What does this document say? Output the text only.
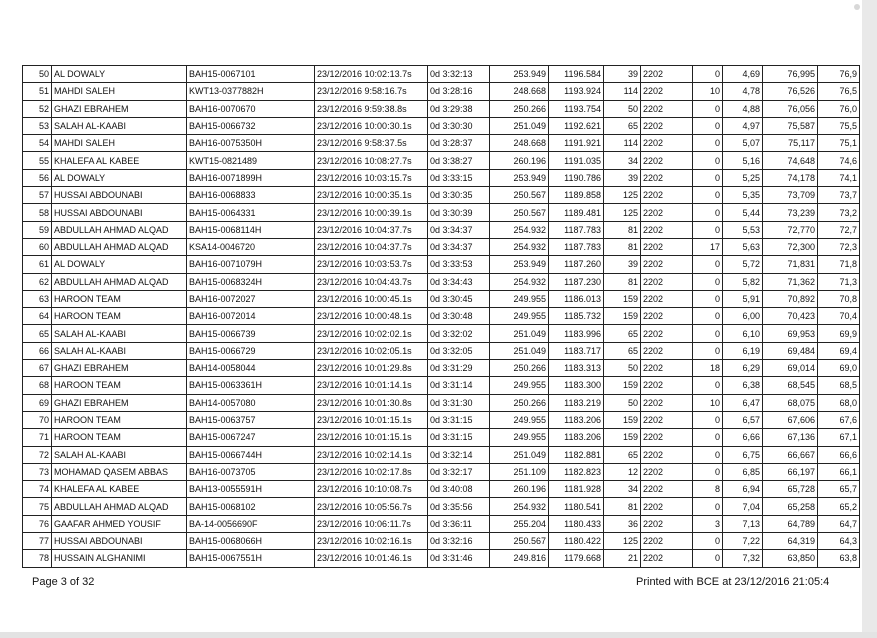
50	AL DOWALY	BAH15-0067101	23/12/2016 10:02:13.7s	0d 3:32:13	253.949	1196.584	39	2202	0	4,69	76,995	76,9
51	MAHDI SALEH	KWT13-0377882H	23/12/2016 9:58:16.7s	0d 3:28:16	248.668	1193.924	114	2202	10	4,78	76,526	76,5
52	GHAZI EBRAHEM	BAH16-0070670	23/12/2016 9:59:38.8s	0d 3:29:38	250.266	1193.754	50	2202	0	4,88	76,056	76,0
53	SALAH AL-KAABI	BAH15-0066732	23/12/2016 10:00:30.1s	0d 3:30:30	251.049	1192.621	65	2202	0	4,97	75,587	75,5
54	MAHDI SALEH	BAH16-0075350H	23/12/2016 9:58:37.5s	0d 3:28:37	248.668	1191.921	114	2202	0	5,07	75,117	75,1
55	KHALEFA AL KABEE	KWT15-0821489	23/12/2016 10:08:27.7s	0d 3:38:27	260.196	1191.035	34	2202	0	5,16	74,648	74,6
56	AL DOWALY	BAH16-0071899H	23/12/2016 10:03:15.7s	0d 3:33:15	253.949	1190.786	39	2202	0	5,25	74,178	74,1
57	HUSSAI ABDOUNABI	BAH16-0068833	23/12/2016 10:00:35.1s	0d 3:30:35	250.567	1189.858	125	2202	0	5,35	73,709	73,7
58	HUSSAI ABDOUNABI	BAH15-0064331	23/12/2016 10:00:39.1s	0d 3:30:39	250.567	1189.481	125	2202	0	5,44	73,239	73,2
59	ABDULLAH AHMAD ALQAD	BAH15-0068114H	23/12/2016 10:04:37.7s	0d 3:34:37	254.932	1187.783	81	2202	0	5,53	72,770	72,7
60	ABDULLAH AHMAD ALQAD	KSA14-0046720	23/12/2016 10:04:37.7s	0d 3:34:37	254.932	1187.783	81	2202	17	5,63	72,300	72,3
61	AL DOWALY	BAH16-0071079H	23/12/2016 10:03:53.7s	0d 3:33:53	253.949	1187.260	39	2202	0	5,72	71,831	71,8
62	ABDULLAH AHMAD ALQAD	BAH15-0068324H	23/12/2016 10:04:43.7s	0d 3:34:43	254.932	1187.230	81	2202	0	5,82	71,362	71,3
63	HAROON TEAM	BAH16-0072027	23/12/2016 10:00:45.1s	0d 3:30:45	249.955	1186.013	159	2202	0	5,91	70,892	70,8
64	HAROON TEAM	BAH16-0072014	23/12/2016 10:00:48.1s	0d 3:30:48	249.955	1185.732	159	2202	0	6,00	70,423	70,4
65	SALAH AL-KAABI	BAH15-0066739	23/12/2016 10:02:02.1s	0d 3:32:02	251.049	1183.996	65	2202	0	6,10	69,953	69,9
66	SALAH AL-KAABI	BAH15-0066729	23/12/2016 10:02:05.1s	0d 3:32:05	251.049	1183.717	65	2202	0	6,19	69,484	69,4
67	GHAZI EBRAHEM	BAH14-0058044	23/12/2016 10:01:29.8s	0d 3:31:29	250.266	1183.313	50	2202	18	6,29	69,014	69,0
68	HAROON TEAM	BAH15-0063361H	23/12/2016 10:01:14.1s	0d 3:31:14	249.955	1183.300	159	2202	0	6,38	68,545	68,5
69	GHAZI EBRAHEM	BAH14-0057080	23/12/2016 10:01:30.8s	0d 3:31:30	250.266	1183.219	50	2202	10	6,47	68,075	68,0
70	HAROON TEAM	BAH15-0063757	23/12/2016 10:01:15.1s	0d 3:31:15	249.955	1183.206	159	2202	0	6,57	67,606	67,6
71	HAROON TEAM	BAH15-0067247	23/12/2016 10:01:15.1s	0d 3:31:15	249.955	1183.206	159	2202	0	6,66	67,136	67,1
72	SALAH AL-KAABI	BAH15-0066744H	23/12/2016 10:02:14.1s	0d 3:32:14	251.049	1182.881	65	2202	0	6,75	66,667	66,6
73	MOHAMAD QASEM ABBAS	BAH16-0073705	23/12/2016 10:02:17.8s	0d 3:32:17	251.109	1182.823	12	2202	0	6,85	66,197	66,1
74	KHALEFA AL KABEE	BAH13-0055591H	23/12/2016 10:10:08.7s	0d 3:40:08	260.196	1181.928	34	2202	8	6,94	65,728	65,7
75	ABDULLAH AHMAD ALQAD	BAH15-0068102	23/12/2016 10:05:56.7s	0d 3:35:56	254.932	1180.541	81	2202	0	7,04	65,258	65,2
76	GAAFAR AHMED YOUSIF	BA-14-0056690F	23/12/2016 10:06:11.7s	0d 3:36:11	255.204	1180.433	36	2202	3	7,13	64,789	64,7
77	HUSSAI ABDOUNABI	BAH15-0068066H	23/12/2016 10:02:16.1s	0d 3:32:16	250.567	1180.422	125	2202	0	7,22	64,319	64,3
78	HUSSAIN ALGHANIMI	BAH15-0067551H	23/12/2016 10:01:46.1s	0d 3:31:46	249.816	1179.668	21	2202	0	7,32	63,850	63,8
Page 3 of 32	Printed with BCE at 23/12/2016 21:05:4
